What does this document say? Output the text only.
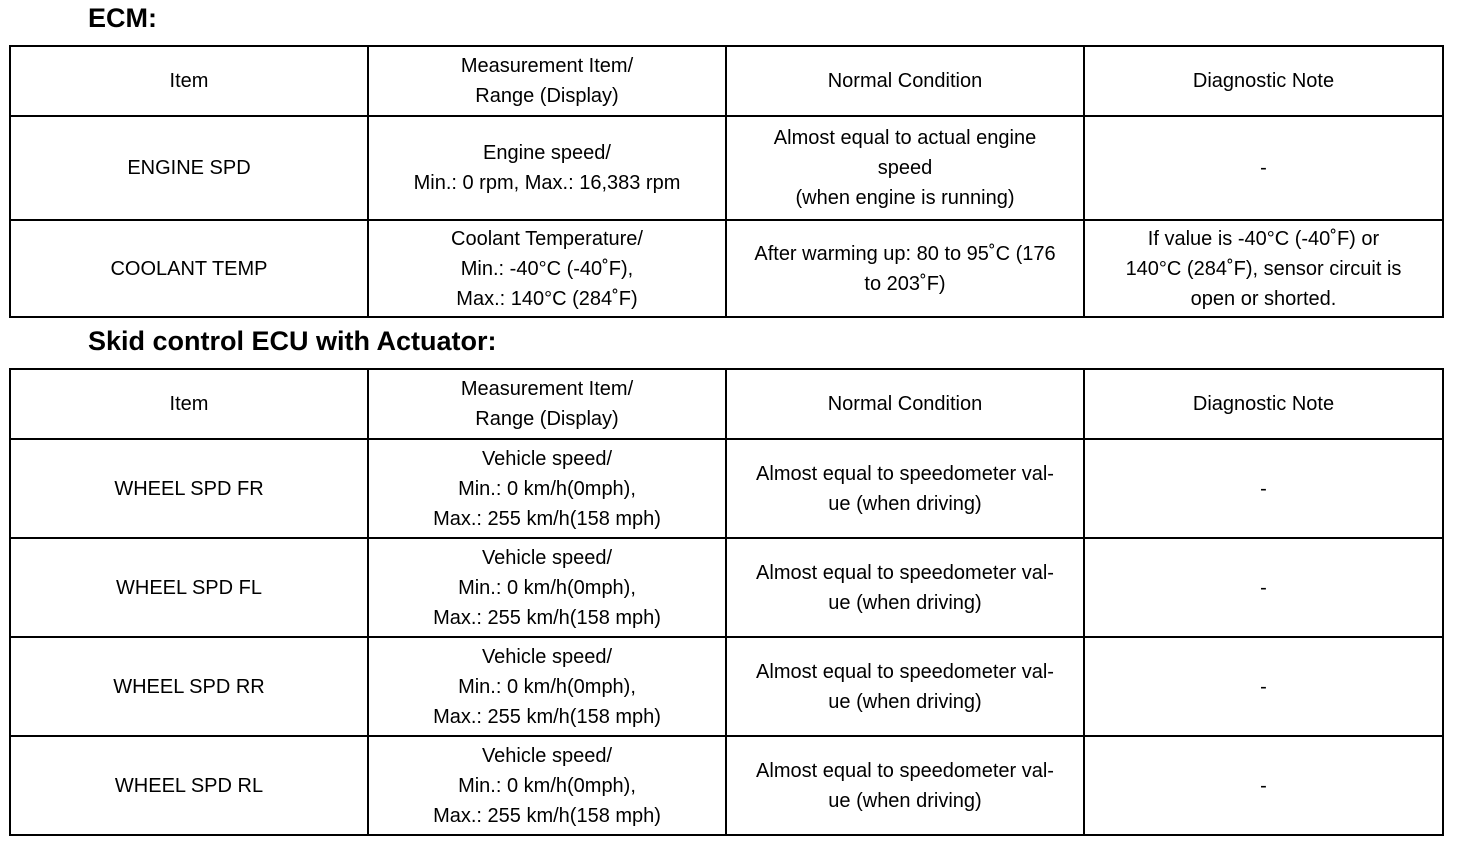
ECM:
Item	Measurement Item/
Range (Display)	Normal Condition	Diagnostic Note

ENGINE SPD	Engine speed/
Min.: 0 rpm, Max.: 16,383 rpm	Almost equal to actual engine
speed
(when engine is running)	-

COOLANT TEMP	Coolant Temperature/
Min.: -40°C (-40˚F),
Max.: 140°C (284˚F)	After warming up: 80 to 95˚C (176
to 203˚F)	If value is -40°C (-40˚F) or
140°C (284˚F), sensor circuit is
open or shorted.
Skid control ECU with Actuator:
Item	Measurement Item/
Range (Display)	Normal Condition	Diagnostic Note

WHEEL SPD FR	Vehicle speed/
Min.: 0 km/h(0mph),
Max.: 255 km/h(158 mph)	Almost equal to speedometer val-
ue (when driving)	-

WHEEL SPD FL	Vehicle speed/
Min.: 0 km/h(0mph),
Max.: 255 km/h(158 mph)	Almost equal to speedometer val-
ue (when driving)	-

WHEEL SPD RR	Vehicle speed/
Min.: 0 km/h(0mph),
Max.: 255 km/h(158 mph)	Almost equal to speedometer val-
ue (when driving)	-

WHEEL SPD RL	Vehicle speed/
Min.: 0 km/h(0mph),
Max.: 255 km/h(158 mph)	Almost equal to speedometer val-
ue (when driving)	-
